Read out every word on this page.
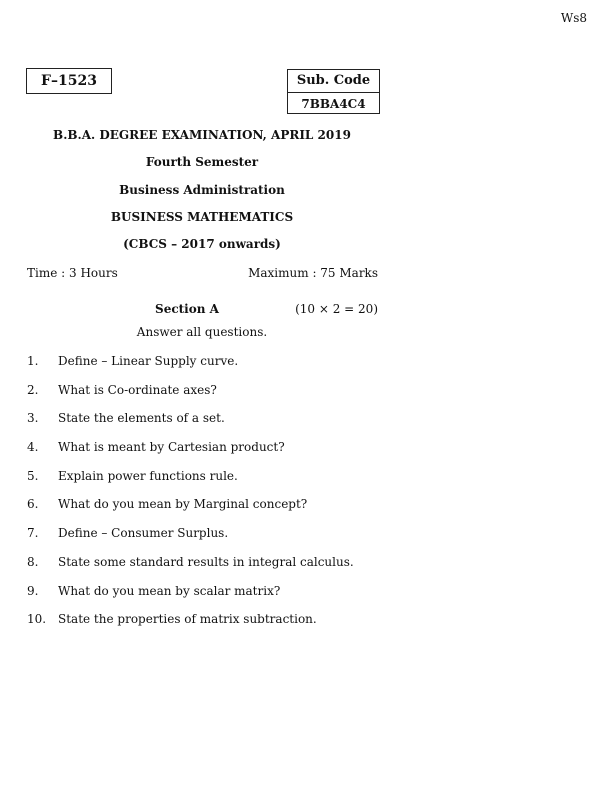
Ws8
F–1523	Sub. Code
7BBA4C4
B.B.A. DEGREE EXAMINATION, APRIL 2019
Fourth Semester
Business Administration
BUSINESS MATHEMATICS
(CBCS – 2017 onwards)
Time : 3 Hours	Maximum : 75 Marks
Section A	(10 × 2 = 20)
Answer all questions.
1. Define – Linear Supply curve.
2. What is Co-ordinate axes?
3. State the elements of a set.
4. What is meant by Cartesian product?
5. Explain power functions rule.
6. What do you mean by Marginal concept?
7. Define – Consumer Surplus.
8. State some standard results in integral calculus.
9. What do you mean by scalar matrix?
10. State the properties of matrix subtraction.
